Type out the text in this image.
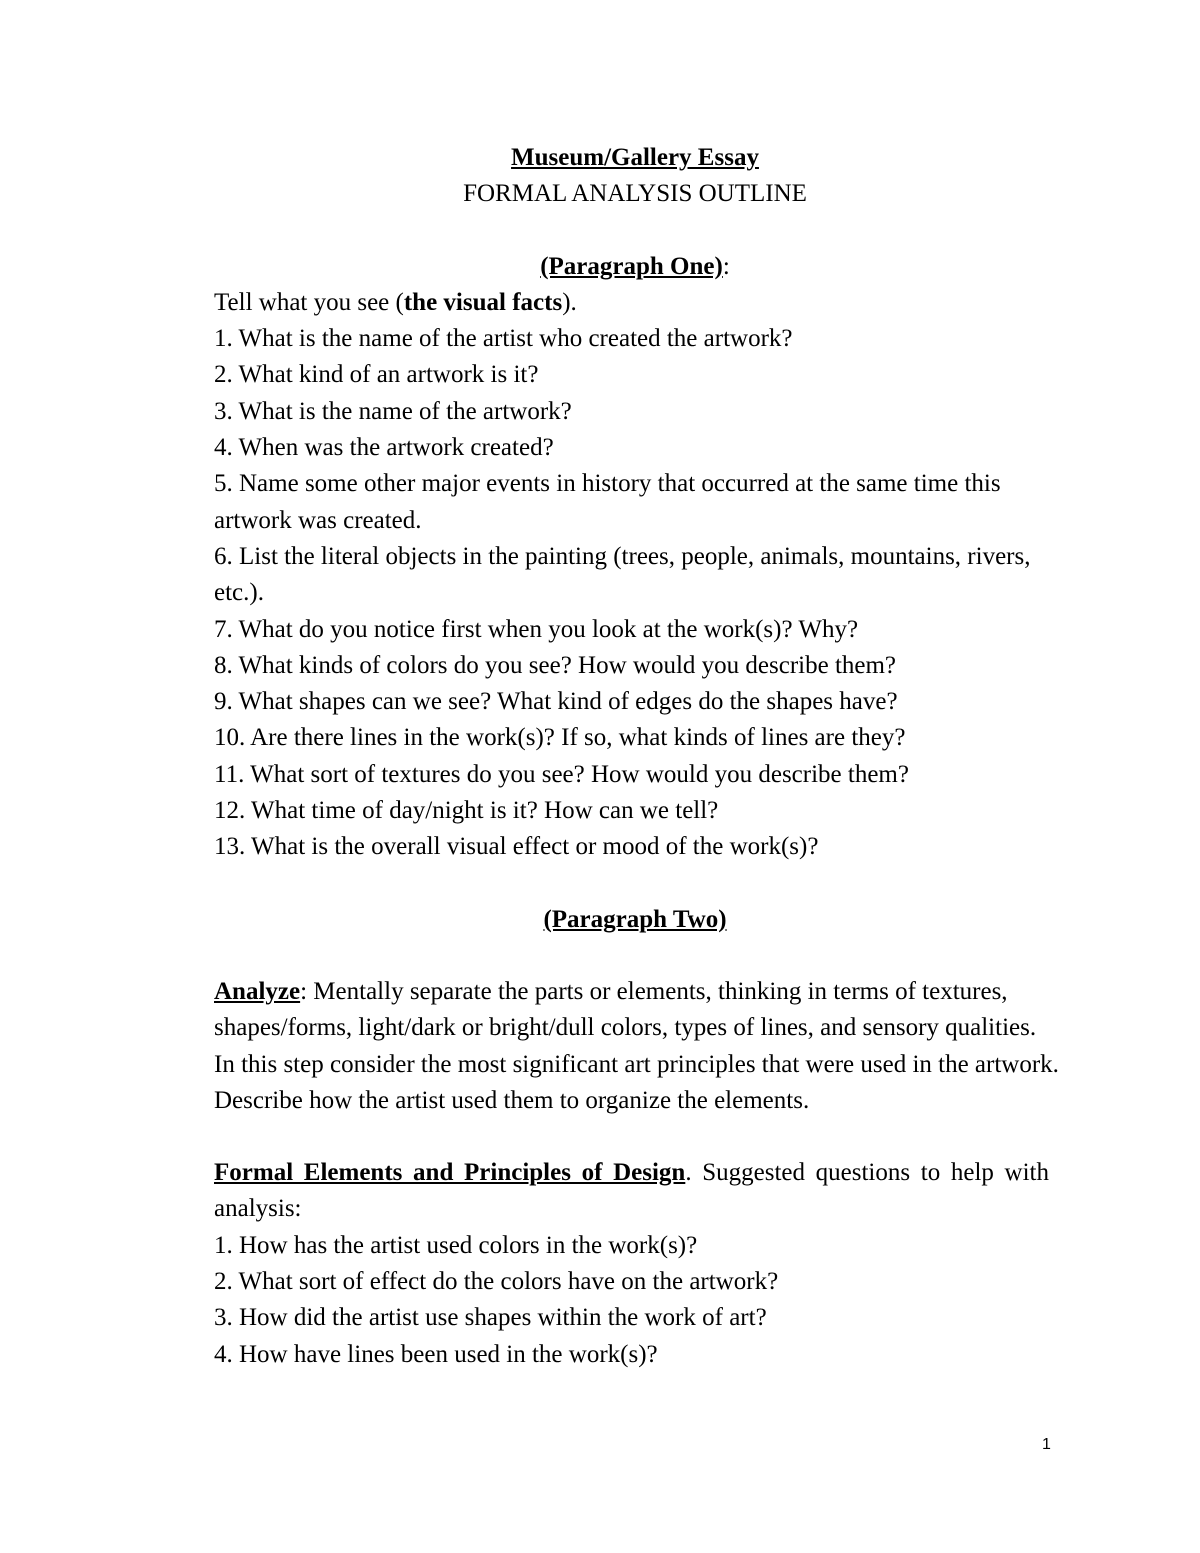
Museum/Gallery Essay
FORMAL ANALYSIS OUTLINE
(Paragraph One):
Tell what you see (the visual facts).
1. What is the name of the artist who created the artwork?
2. What kind of an artwork is it?
3. What is the name of the artwork?
4. When was the artwork created?
5. Name some other major events in history that occurred at the same time this artwork was created.
6. List the literal objects in the painting (trees, people, animals, mountains, rivers, etc.).
7. What do you notice first when you look at the work(s)? Why?
8. What kinds of colors do you see? How would you describe them?
9. What shapes can we see? What kind of edges do the shapes have?
10. Are there lines in the work(s)? If so, what kinds of lines are they?
11. What sort of textures do you see? How would you describe them?
12. What time of day/night is it? How can we tell?
13. What is the overall visual effect or mood of the work(s)?
(Paragraph Two)
Analyze: Mentally separate the parts or elements, thinking in terms of textures, shapes/forms, light/dark or bright/dull colors, types of lines, and sensory qualities. In this step consider the most significant art principles that were used in the artwork. Describe how the artist used them to organize the elements.
Formal Elements and Principles of Design. Suggested questions to help with analysis:
1. How has the artist used colors in the work(s)?
2. What sort of effect do the colors have on the artwork?
3. How did the artist use shapes within the work of art?
4. How have lines been used in the work(s)?
1
